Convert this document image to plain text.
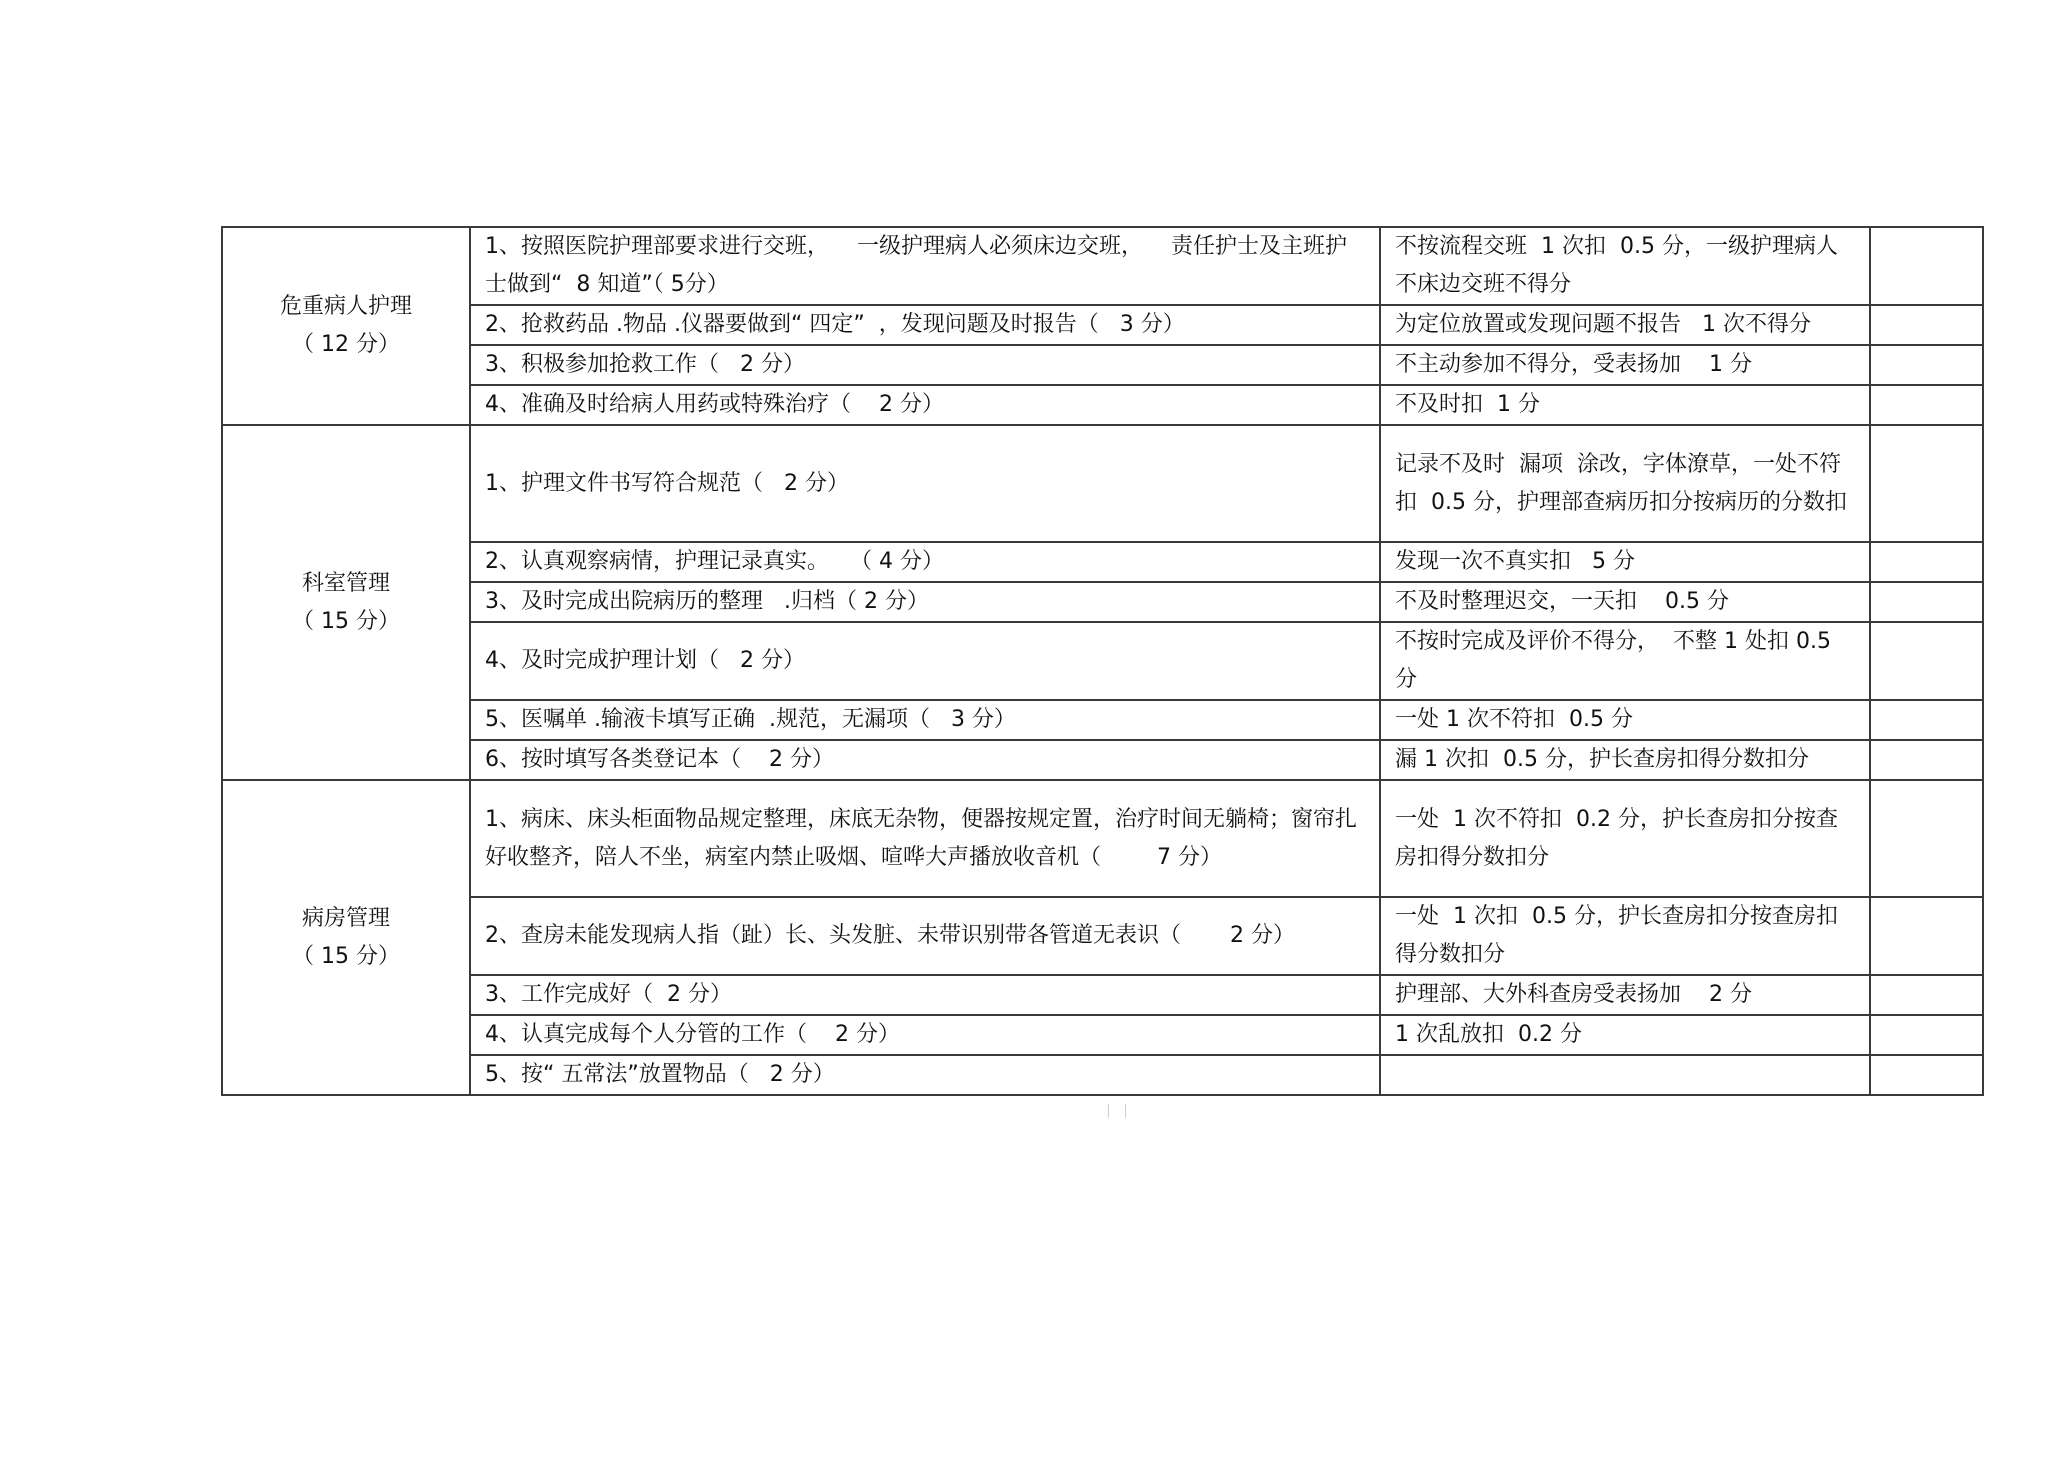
危重病人护理
（ 12 分）	1、按照医院护理部要求进行交班，    一级护理病人必须床边交班，    责任护士及主班护士做到“  8 知道”（ 5分）	不按流程交班  1 次扣  0.5 分，一级护理病人不床边交班不得分	

	2、抢救药品 .物品 .仪器要做到“ 四定”  ，发现问题及时报告（   3 分）	为定位放置或发现问题不报告   1 次不得分	

	3、积极参加抢救工作（   2 分）	不主动参加不得分，受表扬加    1 分	

	4、准确及时给病人用药或特殊治疗（    2 分）	不及时扣  1 分	

科室管理
（ 15 分）	1、护理文件书写符合规范（   2 分）	记录不及时  漏项  涂改，字体潦草，一处不符扣  0.5 分，护理部查病历扣分按病历的分数扣	

	2、认真观察病情，护理记录真实。   （ 4 分）	发现一次不真实扣   5 分	

	3、及时完成出院病历的整理   .归档（ 2 分）	不及时整理迟交，一天扣    0.5 分	

	4、及时完成护理计划（   2 分）	不按时完成及评价不得分，  不整 1 处扣 0.5 分	

	5、医嘱单 .输液卡填写正确  .规范，无漏项（   3 分）	一处 1 次不符扣  0.5 分	

	6、按时填写各类登记本（    2 分）	漏 1 次扣  0.5 分，护长查房扣得分数扣分	

病房管理
（ 15 分）	1、病床、床头柜面物品规定整理，床底无杂物，便器按规定置，治疗时间无躺椅；窗帘扎好收整齐，陪人不坐，病室内禁止吸烟、喧哗大声播放收音机（        7 分）	一处  1 次不符扣  0.2 分，护长查房扣分按查房扣得分数扣分	

	2、查房未能发现病人指（趾）长、头发脏、未带识别带各管道无表识（       2 分）	一处  1 次扣  0.5 分，护长查房扣分按查房扣得分数扣分	

	3、工作完成好（  2 分）	护理部、大外科查房受表扬加    2 分	

	4、认真完成每个人分管的工作（    2 分）	1 次乱放扣  0.2 分	

	5、按“ 五常法”放置物品（   2 分）		
